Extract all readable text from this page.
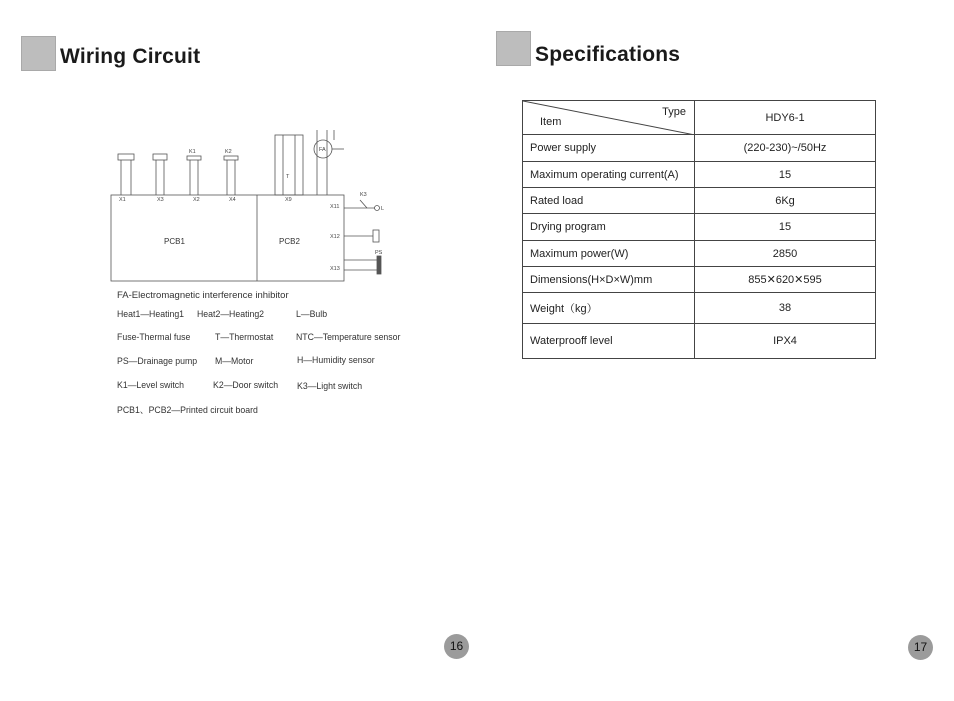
Wiring Circuit
X1	X3	X2	X4	X9
X11
X12
X13
K1	K2
K3
FA
L
T
PS
PCB1	PCB2
FA-Electromagnetic interference inhibitor
Heat1—Heating1 Heat2—Heating2	L—Bulb
Fuse-Thermal fuse	T—Thermostat NTC—Temperature sensor
PS—Drainage pump M—Motor	H—Humidity sensor
K1—Level switch	K2—Door switch K3—Light switch
PCB1、PCB2—Printed circuit board
16
Specifications
Type
Item	HDY6-1
Power supply	(220-230)~/50Hz
Maximum operating current(A)	15
Rated load	6Kg
Drying program	15
Maximum power(W)	2850
Dimensions(H×D×W)mm	855✕620✕595
Weight（kg）	38
Waterprooff level	IPX4
17
